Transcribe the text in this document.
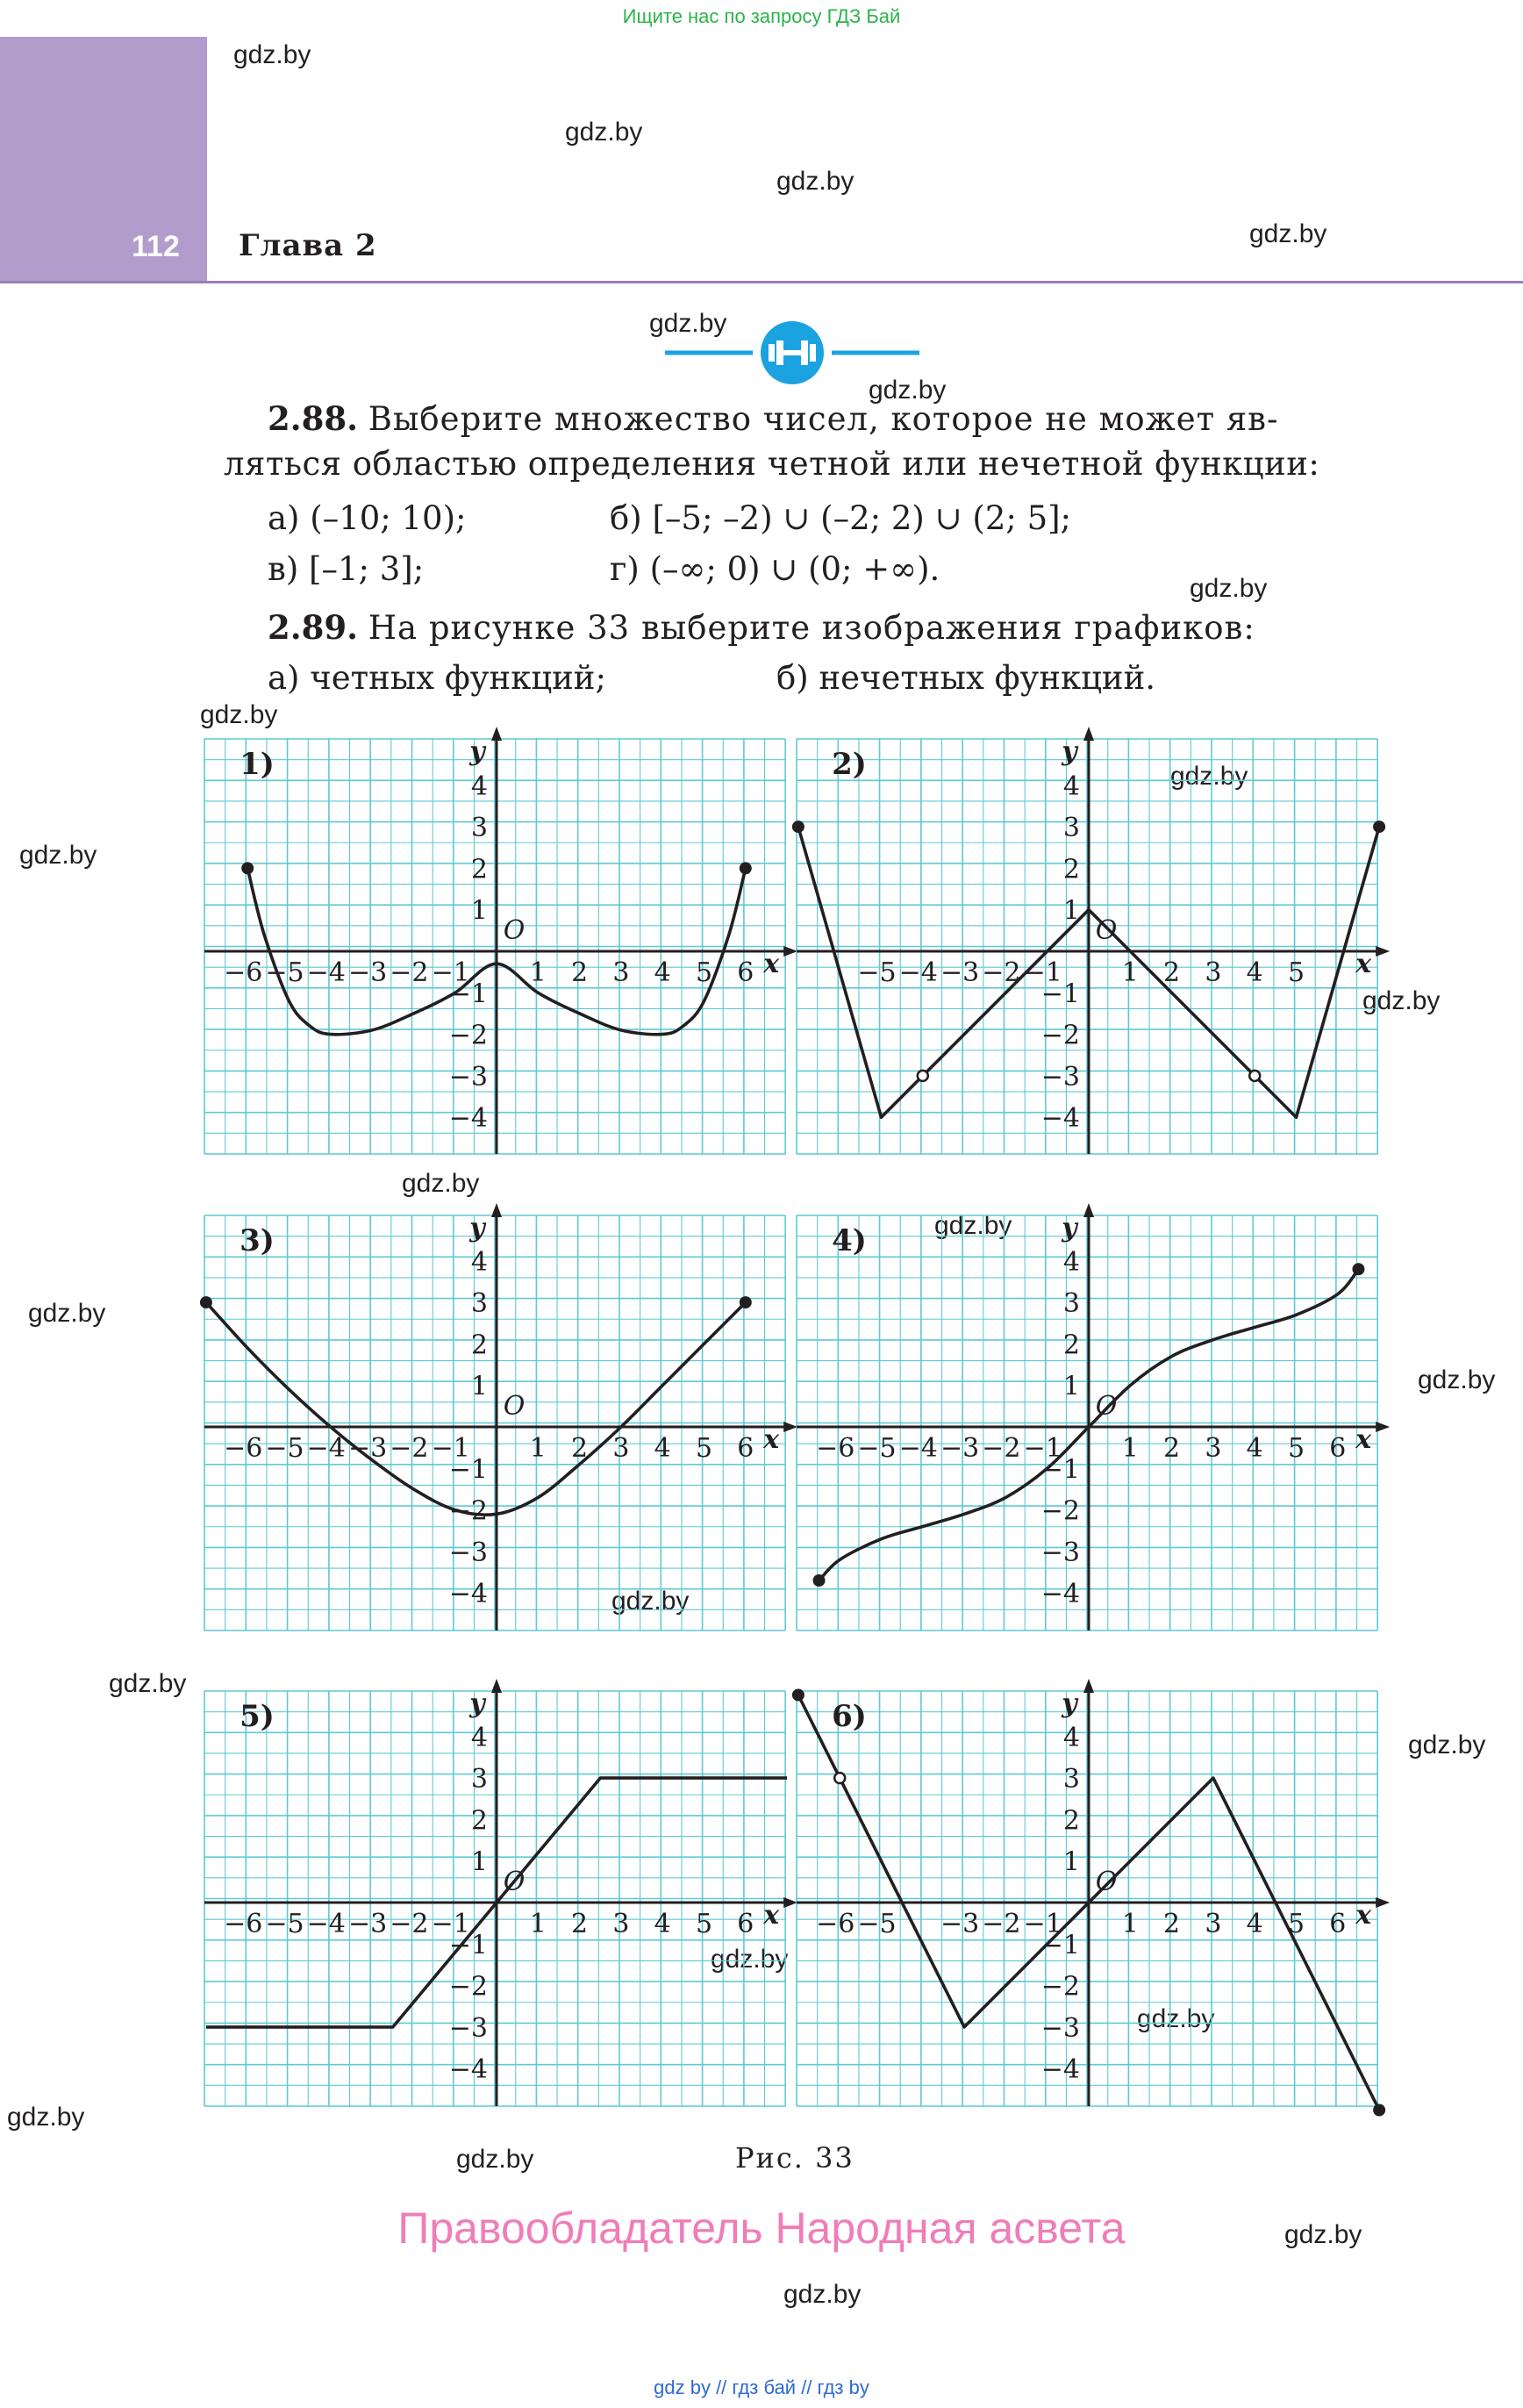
Ищите нас по запросу ГДЗ Бай
112 Глава 2
gdz.by
gdz.by
gdz.by
gdz.by
gdz.by
gdz.by
gdz.by
gdz.by
gdz.by
gdz.by
gdz.by
gdz.by
gdz.by
gdz.by
gdz.by
gdz.by
gdz.by
gdz.by
gdz.by
gdz.by
gdz.by
gdz.by
gdz.by
gdz.by
2.88. Выберите множество чисел, которое не может яв-
ляться областью определения четной или нечетной функции:
а) (–10; 10);	б) [–5; –2) ∪ (–2; 2) ∪ (2; 5];
в) [–1; 3];	г) (–∞; 0) ∪ (0; +∞).
2.89. На рисунке 33 выберите изображения графиков:
а) четных функций;	б) нечетных функций.
−6 −5 −4 −3 −2 −1 1 2 3 4 5 6
4
3
2
1
−1
−2
−3
−4
x
y
O
1)
−5 −4 −3 −2 −1 1 2 3 4 5
4
3
2
1
−1
−2
−3
−4
x
y
O
2)
−6 −5 −4 −3 −2 −1 1 2 3 4 5 6
4
3
2
1
−1
−2
−3
−4
x
y
O
3)
−6 −5 −4 −3 −2 −1 1 2 3 4 5 6
4
3
2
1
−1
−2
−3
−4
x
y
O
4)
−6 −5 −4 −3 −2 −1 1 2 3 4 5 6
4
3
2
1
−1
−2
−3
−4
x
y
O
5)
−6 −5 −3 −2 −1 1 2 3 4 5 6
4
3
2
1
−1
−2
−3
−4
x
y
O
6)
Рис. 33
Правообладатель Народная асвета
gdz by // гдз бай // гдз by
